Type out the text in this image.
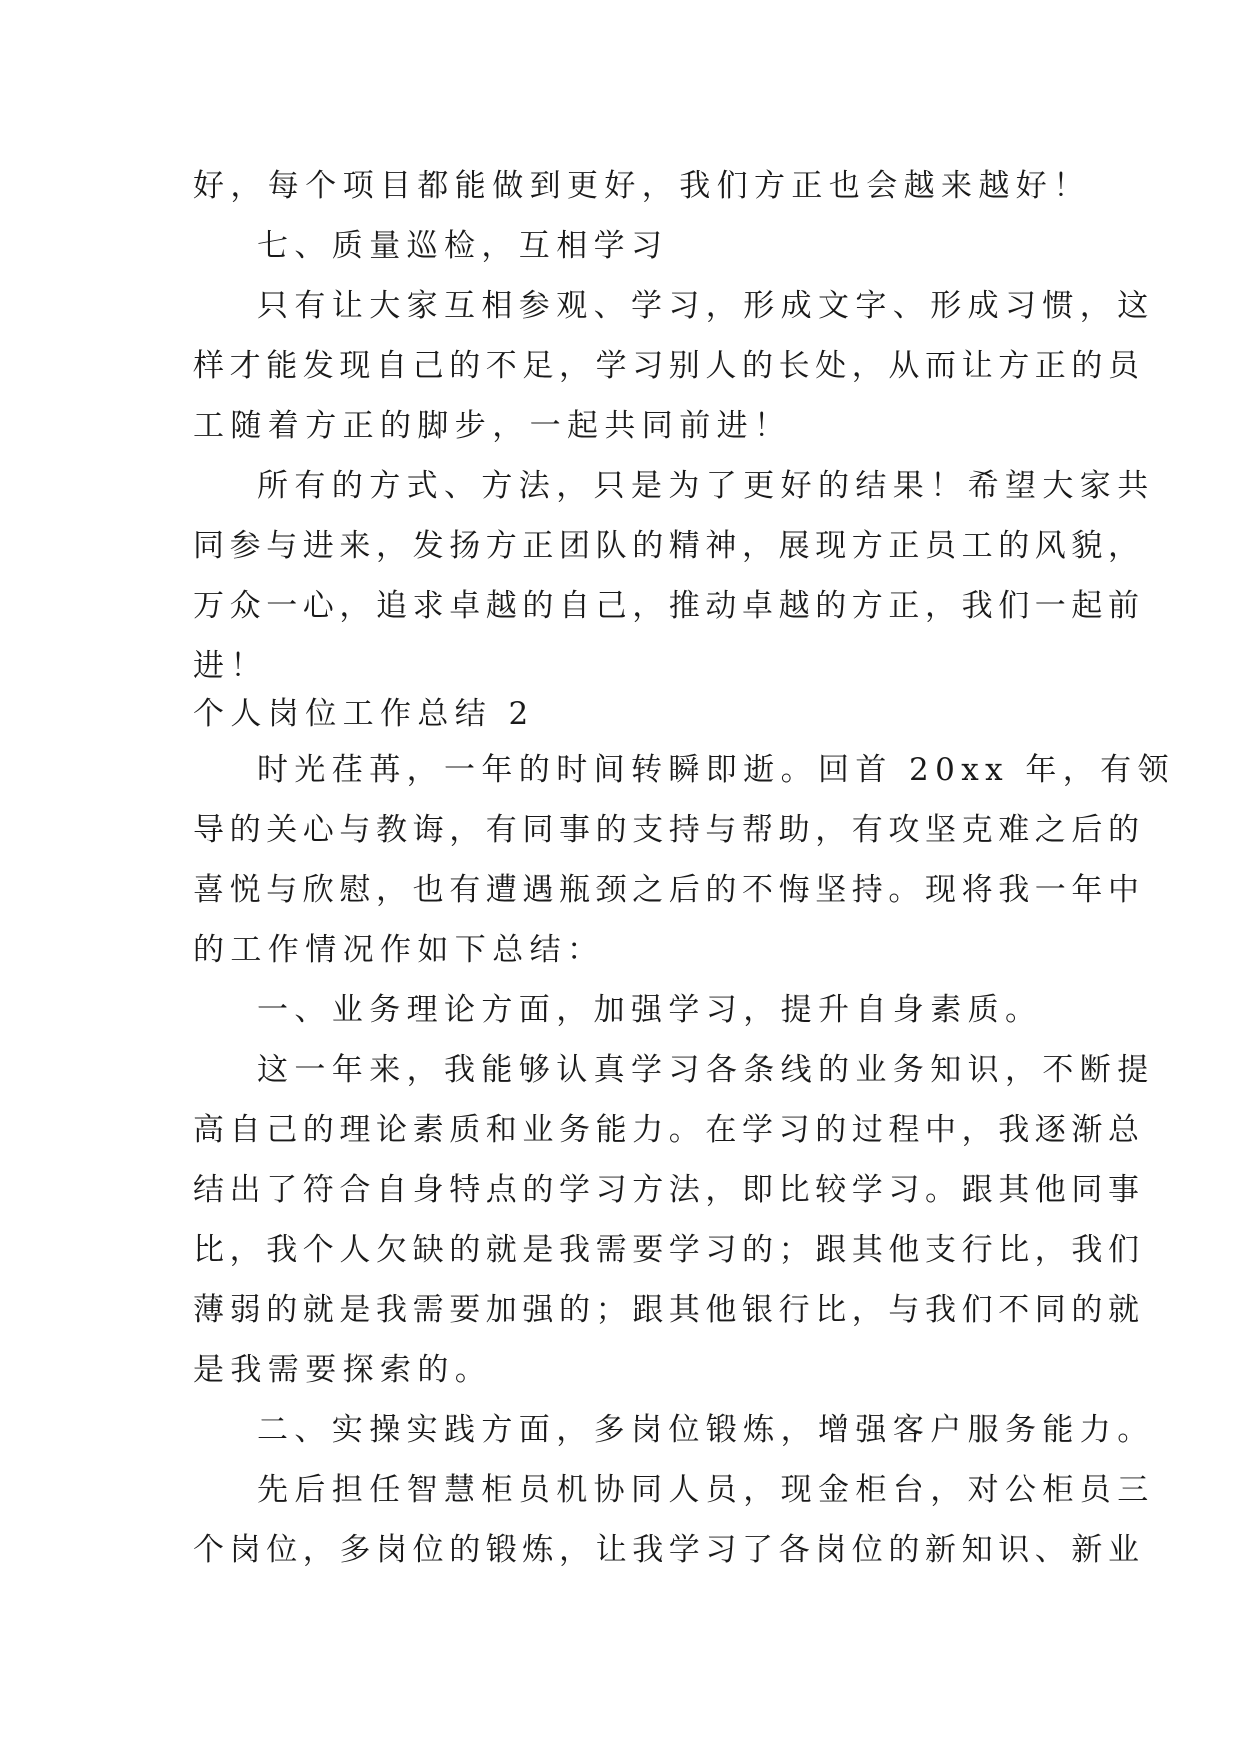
好，每个项目都能做到更好，我们方正也会越来越好！
七、质量巡检，互相学习
只有让大家互相参观、学习，形成文字、形成习惯，这
样才能发现自己的不足，学习别人的长处，从而让方正的员
工随着方正的脚步，一起共同前进！
所有的方式、方法，只是为了更好的结果！希望大家共
同参与进来，发扬方正团队的精神，展现方正员工的风貌，
万众一心，追求卓越的自己，推动卓越的方正，我们一起前
进！
个人岗位工作总结 2
时光荏苒，一年的时间转瞬即逝。回首 20xx 年，有领
导的关心与教诲，有同事的支持与帮助，有攻坚克难之后的
喜悦与欣慰，也有遭遇瓶颈之后的不悔坚持。现将我一年中
的工作情况作如下总结：
一、业务理论方面，加强学习，提升自身素质。
这一年来，我能够认真学习各条线的业务知识，不断提
高自己的理论素质和业务能力。在学习的过程中，我逐渐总
结出了符合自身特点的学习方法，即比较学习。跟其他同事
比，我个人欠缺的就是我需要学习的；跟其他支行比，我们
薄弱的就是我需要加强的；跟其他银行比，与我们不同的就
是我需要探索的。
二、实操实践方面，多岗位锻炼，增强客户服务能力。
先后担任智慧柜员机协同人员，现金柜台，对公柜员三
个岗位，多岗位的锻炼，让我学习了各岗位的新知识、新业
